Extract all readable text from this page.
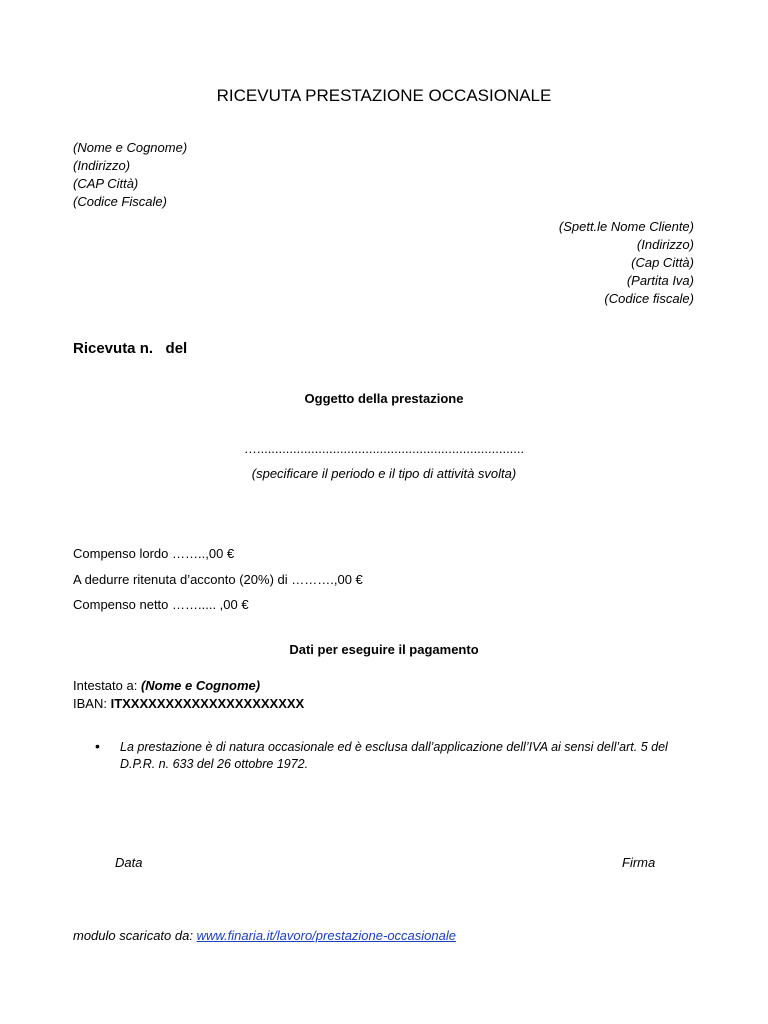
RICEVUTA PRESTAZIONE OCCASIONALE
(Nome e Cognome)
(Indirizzo)
(CAP Città)
(Codice Fiscale)
(Spett.le Nome Cliente)
(Indirizzo)
(Cap Città)
(Partita Iva)
(Codice fiscale)
Ricevuta n.   del
Oggetto della prestazione
…..........................................................................
(specificare il periodo e il tipo di attività svolta)
Compenso lordo ……..,00 €
A dedurre ritenuta d’acconto (20%) di ……….,00 €
Compenso netto ……..... ,00 €
Dati per eseguire il pagamento
Intestato a: (Nome e Cognome)
IBAN: ITXXXXXXXXXXXXXXXXXXXXX
• La prestazione è di natura occasionale ed è esclusa dall’applicazione dell’IVA ai sensi dell’art. 5 del D.P.R. n. 633 del 26 ottobre 1972.
Data	Firma
modulo scaricato da: www.finaria.it/lavoro/prestazione-occasionale
